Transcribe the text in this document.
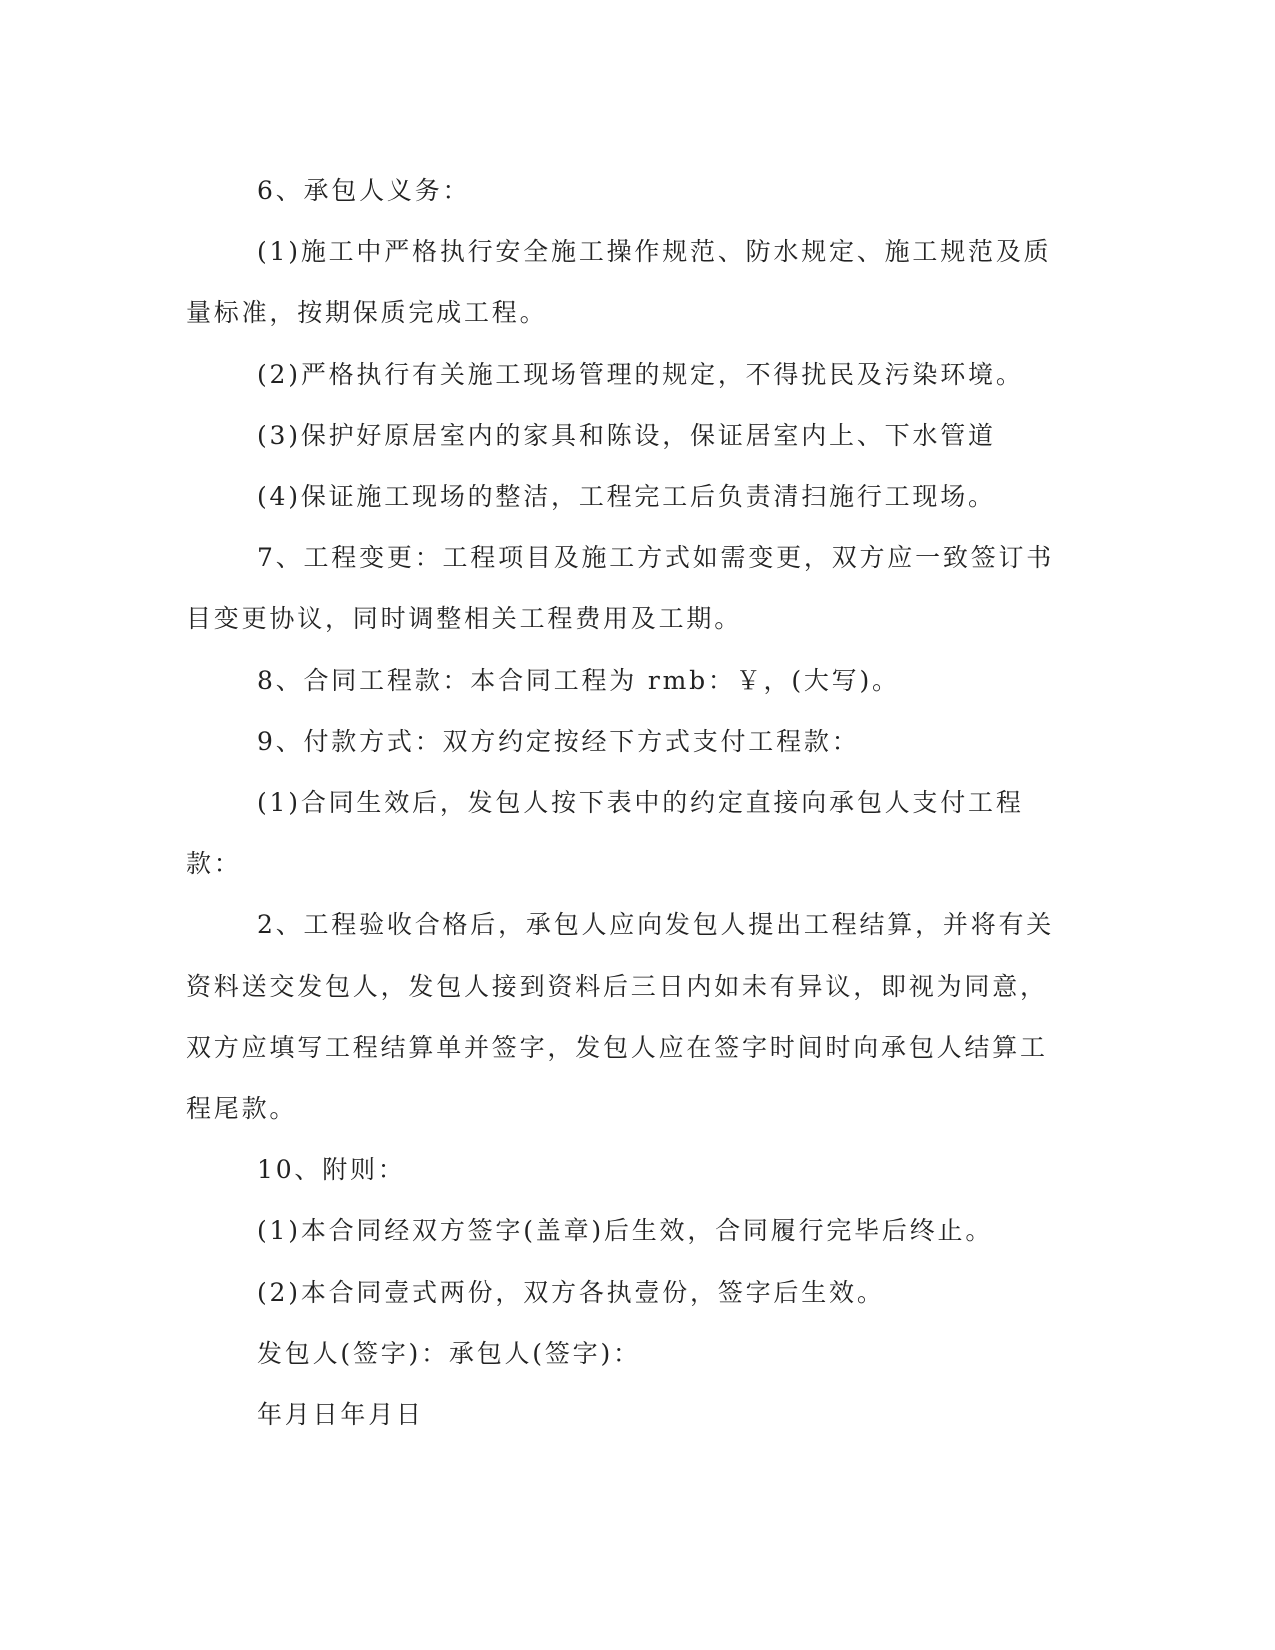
6、承包人义务：

(1)施工中严格执行安全施工操作规范、防水规定、施工规范及质量标准，按期保质完成工程。

(2)严格执行有关施工现场管理的规定，不得扰民及污染环境。

(3)保护好原居室内的家具和陈设，保证居室内上、下水管道

(4)保证施工现场的整洁，工程完工后负责清扫施行工现场。

7、工程变更：工程项目及施工方式如需变更，双方应一致签订书目变更协议，同时调整相关工程费用及工期。

8、合同工程款：本合同工程为 rmb：￥，(大写)。

9、付款方式：双方约定按经下方式支付工程款：

(1)合同生效后，发包人按下表中的约定直接向承包人支付工程款：

2、工程验收合格后，承包人应向发包人提出工程结算，并将有关资料送交发包人，发包人接到资料后三日内如未有异议，即视为同意，双方应填写工程结算单并签字，发包人应在签字时间时向承包人结算工程尾款。

10、附则：

(1)本合同经双方签字(盖章)后生效，合同履行完毕后终止。

(2)本合同壹式两份，双方各执壹份，签字后生效。

发包人(签字)：承包人(签字)：

年月日年月日
